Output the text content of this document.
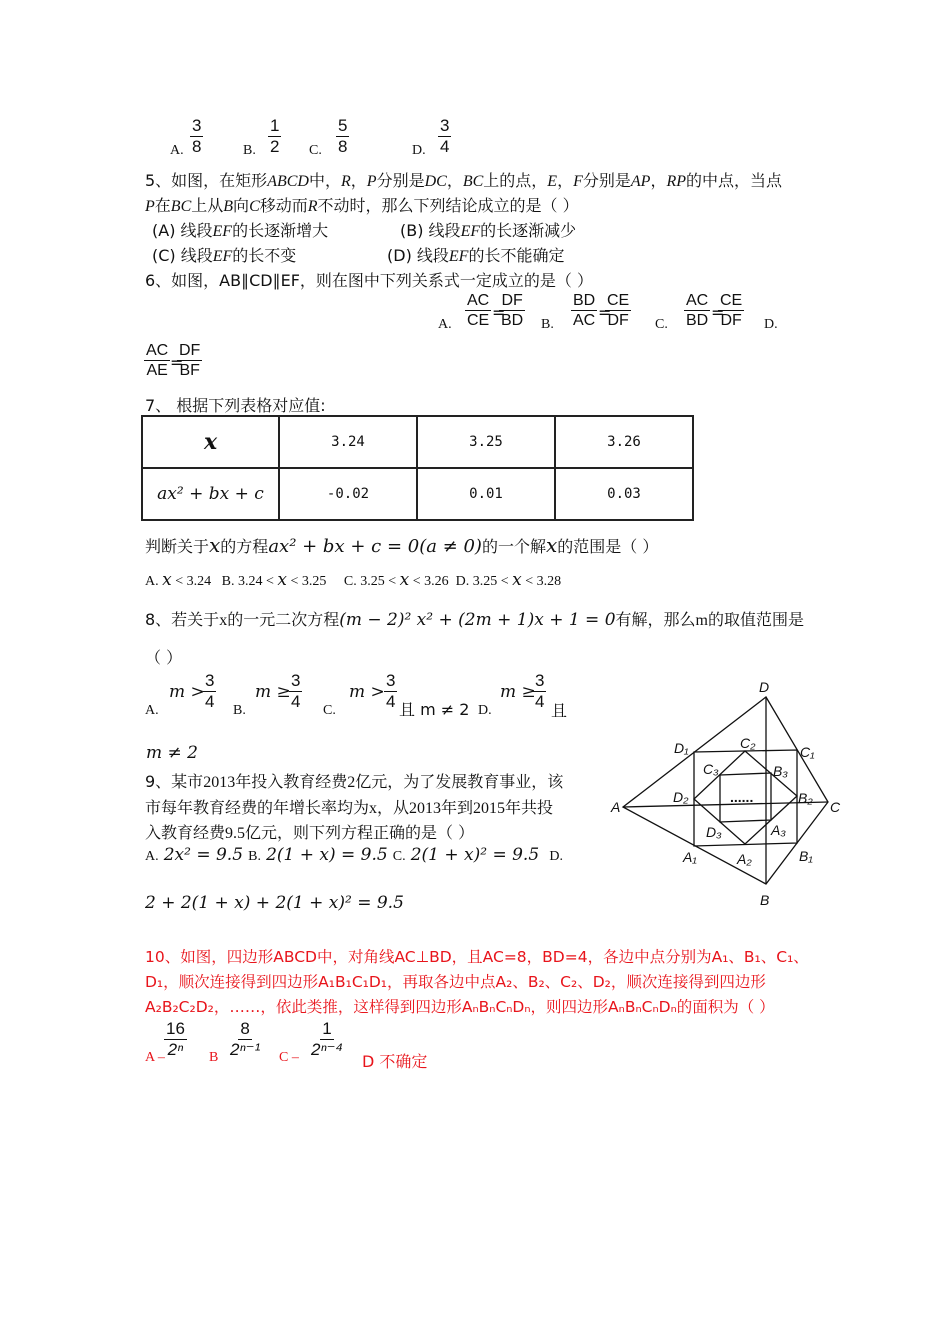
A. $\frac{3}{8}$	B. $\frac{1}{2} C$. $\frac{5}{8}$	D. $\frac{3}{4}$
5、如图，在矩形ABCD中，R，P分别是DC，BC上的点，E，F分别是AP，RP的中点，当点
P在BC上从B向C移动而R不动时，那么下列结论成立的是（ ）
(A) 线段EF的长逐渐增大	(B) 线段EF的长逐渐减少
(C) 线段EF的长不变	(D) 线段EF的长不能确定
6、如图，AB∥CD∥EF，则在图中下列关系式一定成立的是（ ）
A. $\frac{AC}{CE}$ =
$\frac{DF}{BD} B$. $\frac{BD}{AC}$ =
$\frac{CE}{DF} C$. $\frac{AC}{BD}$ =
$\frac{CE}{DF} D$.
$\frac{AC}{AE}$ =
$\frac{DF}{BF}$
7、 根据下列表格对应值:
x	3.24	3.25	3.26
ax² + bx + c	-0.02	0.01	0.03
判断关于x的方程ax² + bx + c = 0(a ≠ 0)的一个解x的范围是（ ）
A. x < 3.24 B. 3.24 < x < 3.25 C. 3.25 < x < 3.26 D. 3.25 < x < 3.28
8、若关于x的一元二次方程(m − 2)² x² + (2m + 1)x + 1 = 0有解，那么m的取值范围是
（ ）
A.
m >
$\frac{3}{4} B$.
m ≥
$\frac{3}{4} C$.
$m > \frac{3}{4}$ 且 m ≠ 2 D.
m ≥
$\frac{3}{4}$ 且
m ≠ 2
9、某市2013年投入教育经费2亿元，为了发展教育事业，该
市每年教育经费的年增长率均为x，从2013年到2015年共投
入教育经费9.5亿元，则下列方程正确的是（ ）
A. 2x² = 9.5 B. 2(1 + x) = 9.5 C. 2(1 + x)² = 9.5 D.
2 + 2(1 + x) + 2(1 + x)² = 9.5
D
A	C
B
D₁	C₁
B₁
A₁
C₂
D₂	B₂
A₂
C₃	B₃
D₃	A₃
......
10、如图，四边形ABCD中，对角线AC⊥BD，且AC=8，BD=4，各边中点分别为A₁、B₁、C₁、
D₁，顺次连接得到四边形A₁B₁C₁D₁，再取各边中点A₂、B₂、C₂、D₂，顺次连接得到四边形
A₂B₂C₂D₂，……，依此类推，这样得到四边形AₙBₙCₙDₙ，则四边形AₙBₙCₙDₙ的面积为（ ）
A – $\frac{16}{\text{2ⁿ}}$ B $\frac{8}{\text{2ⁿ⁻¹}}$ C – $\frac{1}{\text{2ⁿ⁻⁴}}$
D 不确定
